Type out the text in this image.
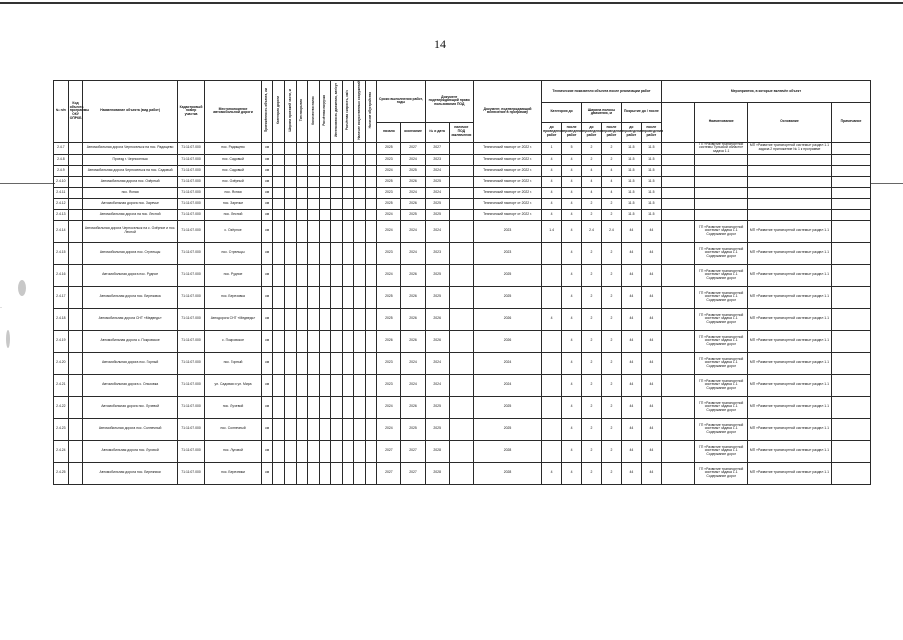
14
№ п/п	Код объекта программы ОКУ ОПРКБ	Наименование объекта (вид работ)	Кадастровый номер участка	Местоположение автомобильной дороги	Протяжённость объекта, км	Категория дороги	Ширина проезжей части, м	Тип покрытия	Количество полос	Расчётная нагрузка	Интенсивность движения, авт/сут	Расчётная скорость, км/ч	Наличие искусственных сооружений	Наличие обустройства	Сроки выполнения работ, годы		Документ подтверждающий право пользования ПОД		Документ, подтверждающий включение в программу	Технические показатели объекта после реализации работ						Мероприятия, в которые включён объект			
																				Категория до		Ширина полосы движения, м		Покрытие до / после			Наименование	Основание	Примечание
															начало	окончание	№ и дата	наличие ПОД заключения		до проведения работ	после проведения работ	до проведения работ	после проведения работ	до проведения работ	после проведения работ				
2.4.7		Автомобильная дорога Черносельск на пос. Радищево	71:11:07.000	пос. Радищево	км										2025	2027	2027		Технический паспорт от 2022 г.	1	5	2	2	11.5	11.5		ГП «Развитие транспортной системы Тульской области» задача 1.1	МП «Развитие транспортной системы» раздел 1.1 задача 2 приложение № 1 к программе	
2.4.8		Проезд г. Черносельск	71:11:07.000	пос. Садовый	км										2023	2024	2023		Технический паспорт от 2022 г.	4	4	2	2	11.5	11.5				
2.4.9		Автомобильная дорога Черносельск на пос. Садовый	71:11:07.000	пос. Садовый	км										2024	2025	2024		Технический паспорт от 2022 г.	4	4	4	4	11.5	11.5				
2.4.10		Автомобильная дорога пос. Озёрный	71:11:07.000	пос. Озёрный	км										2025	2026	2025		Технический паспорт от 2022 г.	4	4	4	4	11.5	11.5				
2.4.11		пос. Ясная	71:11:07.000	пос. Ясная	км										2023	2024	2024		Технический паспорт от 2022 г.	4	4	4	4	11.5	11.5				
2.4.12		Автомобильная дорога пос. Заречье	71:11:07.000	пос. Заречье	км										2025	2026	2025		Технический паспорт от 2022 г.	4	4	2	2	11.5	11.5				
2.4.13		Автомобильная дорога на пос. Лесной	71:11:07.000	пос. Лесной	км										2024	2025	2025		Технический паспорт от 2022 г.	4	4	2	2	11.5	11.5				
2.4.14		Автомобильная дорога Черносельск на с. Озёрное и пос. Лесной	71:11:07.000	с. Озёрное	км										2024	2024	2024		2023	1.4	4	2.4	2.4	44	44		ГП «Развитие транспортной системы» задача 1.1 Содержание дорог	МП «Развитие транспортной системы» раздел 1.1	
2.4.15		Автомобильная дорога пос. Стрельцы	71:11:07.000	пос. Стрельцы	км										2023	2024	2023		2023		4	2	2	44	44		ГП «Развитие транспортной системы» задача 1.1 Содержание дорог	МП «Развитие транспортной системы» раздел 1.1	
2.4.16		Автомобильная дорога пос. Рудное	71:11:07.000	пос. Рудное	км										2024	2026	2025		2025		4	2	2	44	44		ГП «Развитие транспортной системы» задача 1.1 Содержание дорог	МП «Развитие транспортной системы» раздел 1.1	
2.4.17		Автомобильная дорога пос. Березовка	71:11:07.000	пос. Березовка	км										2025	2026	2025		2025		4	2	2	44	44		ГП «Развитие транспортной системы» задача 1.1 Содержание дорог	МП «Развитие транспортной системы» раздел 1.1	
2.4.18		Автомобильная дорога СНТ «Медведь»	71:11:07.000	Автодорога СНТ «Медведь»	км										2025	2026	2026		2026	4	4	2	2	44	44		ГП «Развитие транспортной системы» задача 1.1 Содержание дорог	МП «Развитие транспортной системы» раздел 1.1	
2.4.19		Автомобильная дорога с. Покровское	71:11:07.000	с. Покровское	км										2026	2026	2026		2026		4	2	2	44	44		ГП «Развитие транспортной системы» задача 1.1 Содержание дорог	МП «Развитие транспортной системы» раздел 1.1	
2.4.20		Автомобильная дорога пос. Горный	71:11:07.000	пос. Горный	км										2023	2024	2024		2024		4	2	2	44	44		ГП «Развитие транспортной системы» задача 1.1 Содержание дорог	МП «Развитие транспортной системы» раздел 1.1	
2.4.21		Автомобильная дорога с. Ольховка	71:11:07.000	ул. Садовая и ул. Мира	км										2023	2024	2024		2024		4	2	2	44	44		ГП «Развитие транспортной системы» задача 1.1 Содержание дорог	МП «Развитие транспортной системы» раздел 1.1	
2.4.22		Автомобильная дорога пос. Лучевой	71:11:07.000	пос. Лучевой	км										2024	2026	2025		2025		4	2	2	44	44		ГП «Развитие транспортной системы» задача 1.1 Содержание дорог	МП «Развитие транспортной системы» раздел 1.1	
2.4.23		Автомобильная дорога пос. Солнечный	71:11:07.000	пос. Солнечный	км										2024	2025	2025		2025		4	2	2	44	44		ГП «Развитие транспортной системы» задача 1.1 Содержание дорог	МП «Развитие транспортной системы» раздел 1.1	
2.4.24		Автомобильная дорога пос. Луговой	71:11:07.000	пос. Луговой	км										2027	2027	2028		2028		4	2	2	44	44		ГП «Развитие транспортной системы» задача 1.1 Содержание дорог	МП «Развитие транспортной системы» раздел 1.1	
2.4.25		Автомобильная дорога пос. Березники	71:11:07.000	пос. Березники	км										2027	2027	2028		2028	4	4	2	2	44	44		ГП «Развитие транспортной системы» задача 1.1 Содержание дорог	МП «Развитие транспортной системы» раздел 1.1	
·
